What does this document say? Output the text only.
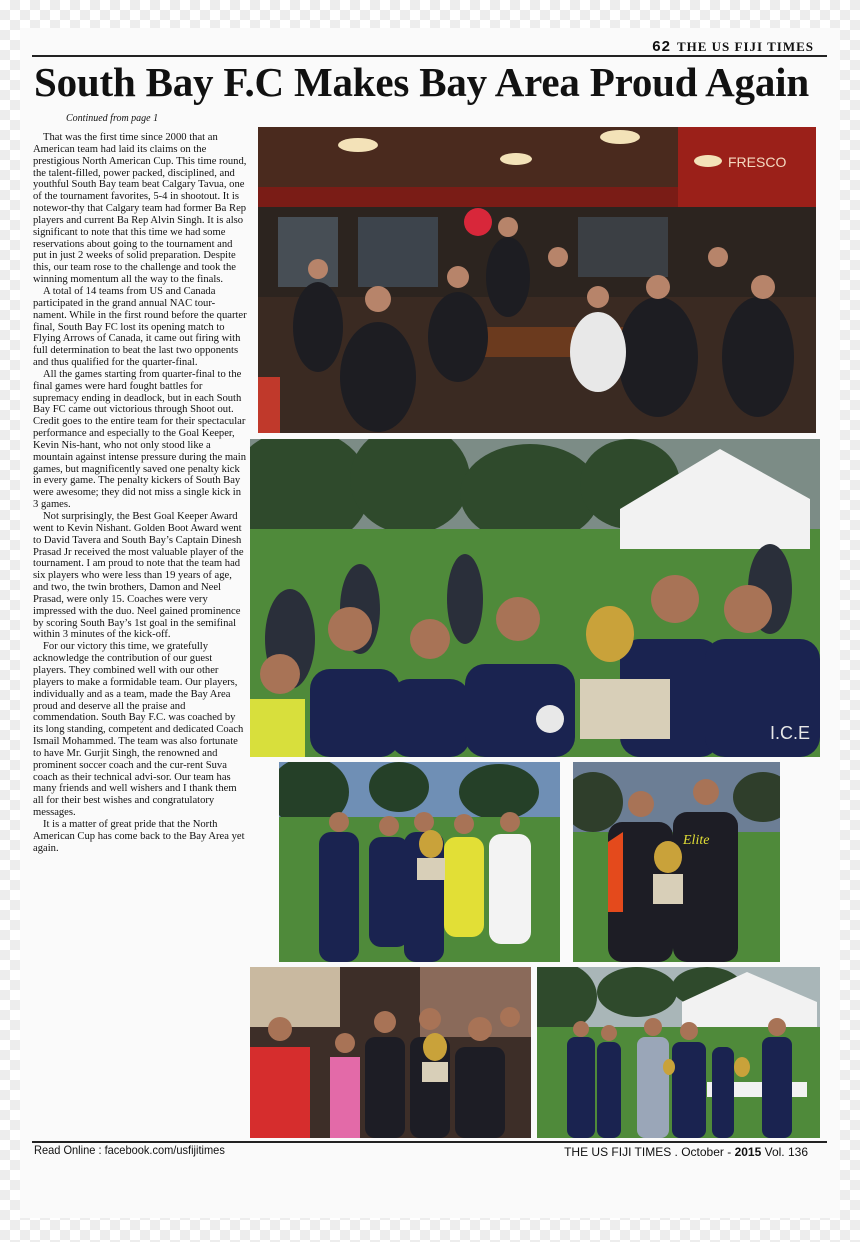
62 THE US FIJI TIMES
South Bay F.C Makes Bay Area Proud Again
Continued from page 1

That was the first time since 2000 that an American team had laid its claims on the prestigious North American Cup. This time round, the talent-filled, power packed, disciplined, and youthful South Bay team beat Calgary Tavua, one of the tournament favorites, 5-4 in shootout. It is notewor-thy that Calgary team had former Ba Rep players and current Ba Rep Alvin Singh. It is also significant to note that this time we had some reservations about going to the tournament and put in just 2 weeks of solid preparation. Despite this, our team rose to the challenge and took the winning momentum all the way to the finals.

A total of 14 teams from US and Canada participated in the grand annual NAC tour-nament. While in the first round before the quarter final, South Bay FC lost its opening match to Flying Arrows of Canada, it came out firing with full determination to beat the last two opponents and thus qualified for the quarter-final.

All the games starting from quarter-final to the final games were hard fought battles for supremacy ending in deadlock, but in each South Bay FC came out victorious through Shoot out. Credit goes to the entire team for their spectacular performance and especially to the Goal Keeper, Kevin Nis-hant, who not only stood like a mountain against intense pressure during the main games, but magnificently saved one penalty kick in every game. The penalty kickers of South Bay were awesome; they did not miss a single kick in 3 games.

Not surprisingly, the Best Goal Keeper Award went to Kevin Nishant. Golden Boot Award went to David Tavera and South Bay’s Captain Dinesh Prasad Jr received the most valuable player of the tournament. I am proud to note that the team had six players who were less than 19 years of age, and two, the twin brothers, Damon and Neel Prasad, were only 15. Coaches were very impressed with the duo. Neel gained prominence by scoring South Bay’s 1st goal in the semifinal within 3 minutes of the kick-off.

For our victory this time, we gratefully acknowledge the contribution of our guest players. They combined well with our other players to make a formidable team. Our players, individually and as a team, made the Bay Area proud and deserve all the praise and commendation. South Bay F.C. was coached by its long standing, competent and dedicated Coach Ismail Mohammed. The team was also fortunate to have Mr. Gurjit Singh, the renowned and prominent soccer coach and the cur-rent Suva coach as their technical advi-sor. Our team has many friends and well wishers and I thank them all for their best wishes and congratulatory messages.

It is a matter of great pride that the North American Cup has come back to the Bay Area yet again.

FRESCO
I.C.E
Elite
Read Online : facebook.com/usfijitimes	THE US FIJI TIMES . October - 2015 Vol. 136
